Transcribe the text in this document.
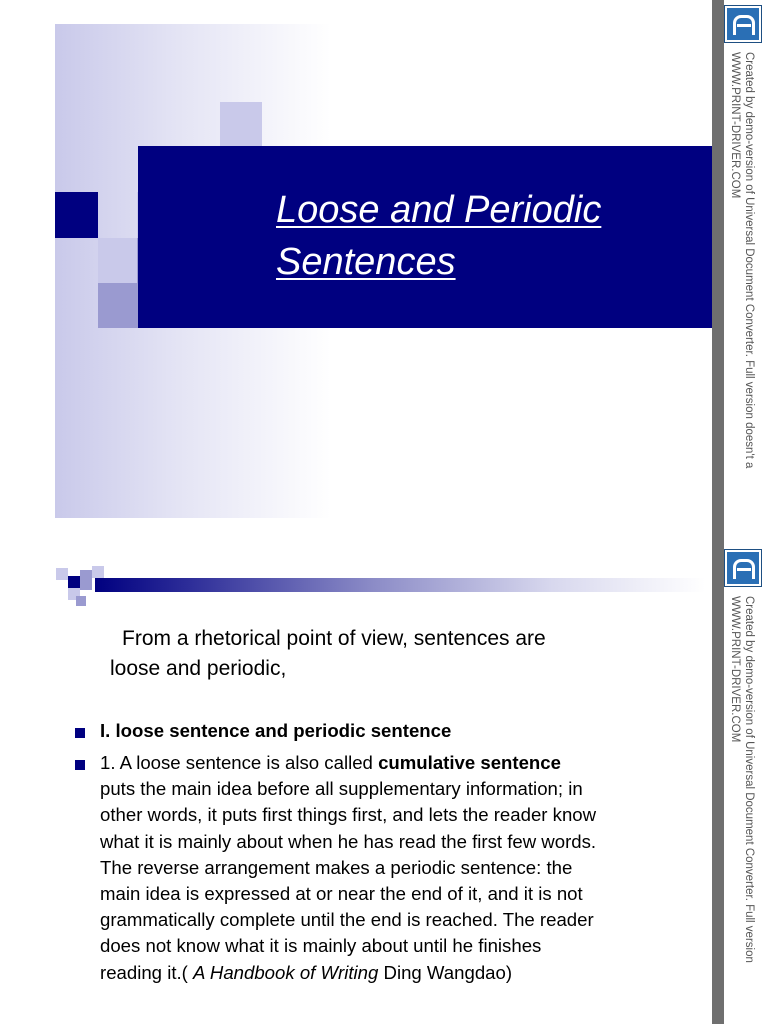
Loose and Periodic
Sentences
From a rhetorical point of view, sentences are
loose and periodic,
I. loose sentence and periodic sentence
1. A loose sentence is also called cumulative sentence
puts the main idea before all supplementary information; in
other words, it puts first things first, and lets the reader know
what it is mainly about when he has read the first few words.
The reverse arrangement makes a periodic sentence: the
main idea is expressed at or near the end of it, and it is not
grammatically complete until the end is reached. The reader
does not know what it is mainly about until he finishes
reading it.( A Handbook of Writing Ding Wangdao)
Created by demo-version of Universal Document Converter. Full version doesn't a
WWW.PRINT-DRIVER.COM
Created by demo-version of Universal Document Converter. Full version
WWW.PRINT-DRIVER.COM
